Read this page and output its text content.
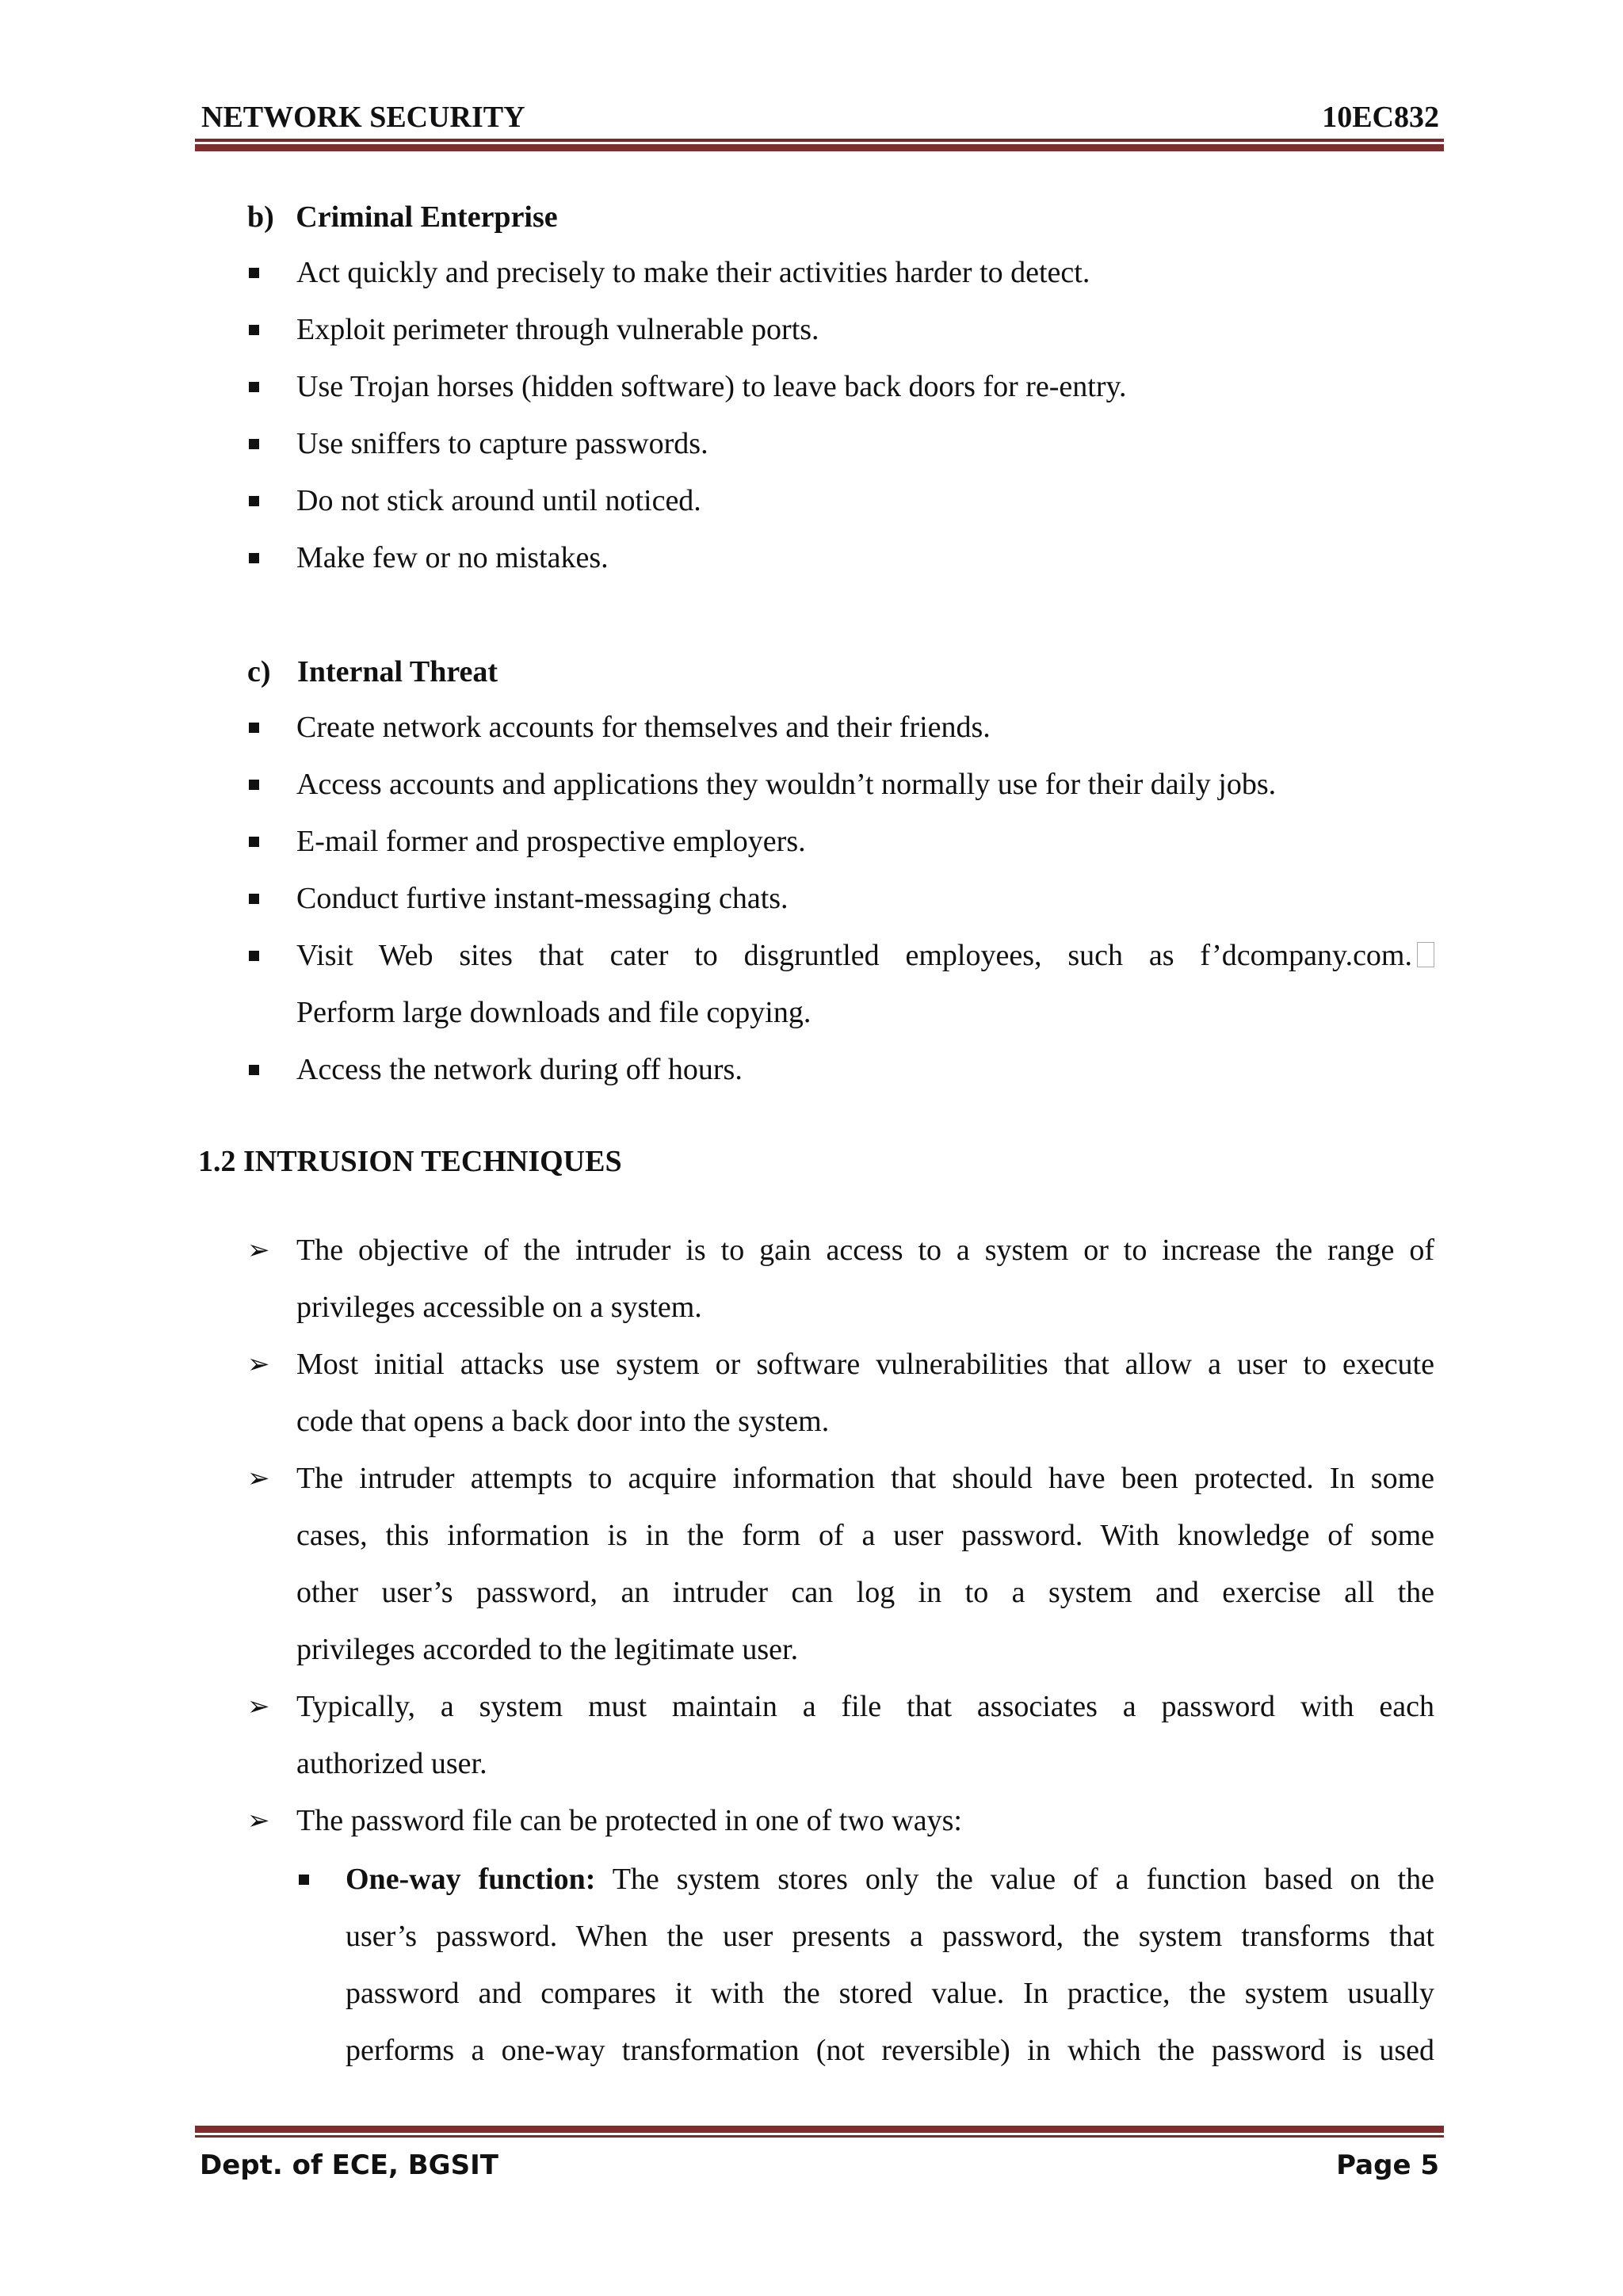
NETWORK SECURITY	10EC832
b) Criminal Enterprise
Act quickly and precisely to make their activities harder to detect.
Exploit perimeter through vulnerable ports.
Use Trojan horses (hidden software) to leave back doors for re-entry.
Use sniffers to capture passwords.
Do not stick around until noticed.
Make few or no mistakes.
c) Internal Threat
Create network accounts for themselves and their friends.
Access accounts and applications they wouldn’t normally use for their daily jobs.
E-mail former and prospective employers.
Conduct furtive instant-messaging chats.
Visit Web sites that cater to disgruntled employees, such as f’dcompany.com.
Perform large downloads and file copying.
Access the network during off hours.
1.2 INTRUSION TECHNIQUES
➢ The objective of the intruder is to gain access to a system or to increase the range of
privileges accessible on a system.
➢ Most initial attacks use system or software vulnerabilities that allow a user to execute
code that opens a back door into the system.
➢ The intruder attempts to acquire information that should have been protected. In some
cases, this information is in the form of a user password. With knowledge of some
other user’s password, an intruder can log in to a system and exercise all the
privileges accorded to the legitimate user.
➢ Typically, a system must maintain a file that associates a password with each
authorized user.
➢ The password file can be protected in one of two ways:
One-way function: The system stores only the value of a function based on the
user’s password. When the user presents a password, the system transforms that
password and compares it with the stored value. In practice, the system usually
performs a one-way transformation (not reversible) in which the password is used
Dept. of ECE, BGSIT	Page 5
